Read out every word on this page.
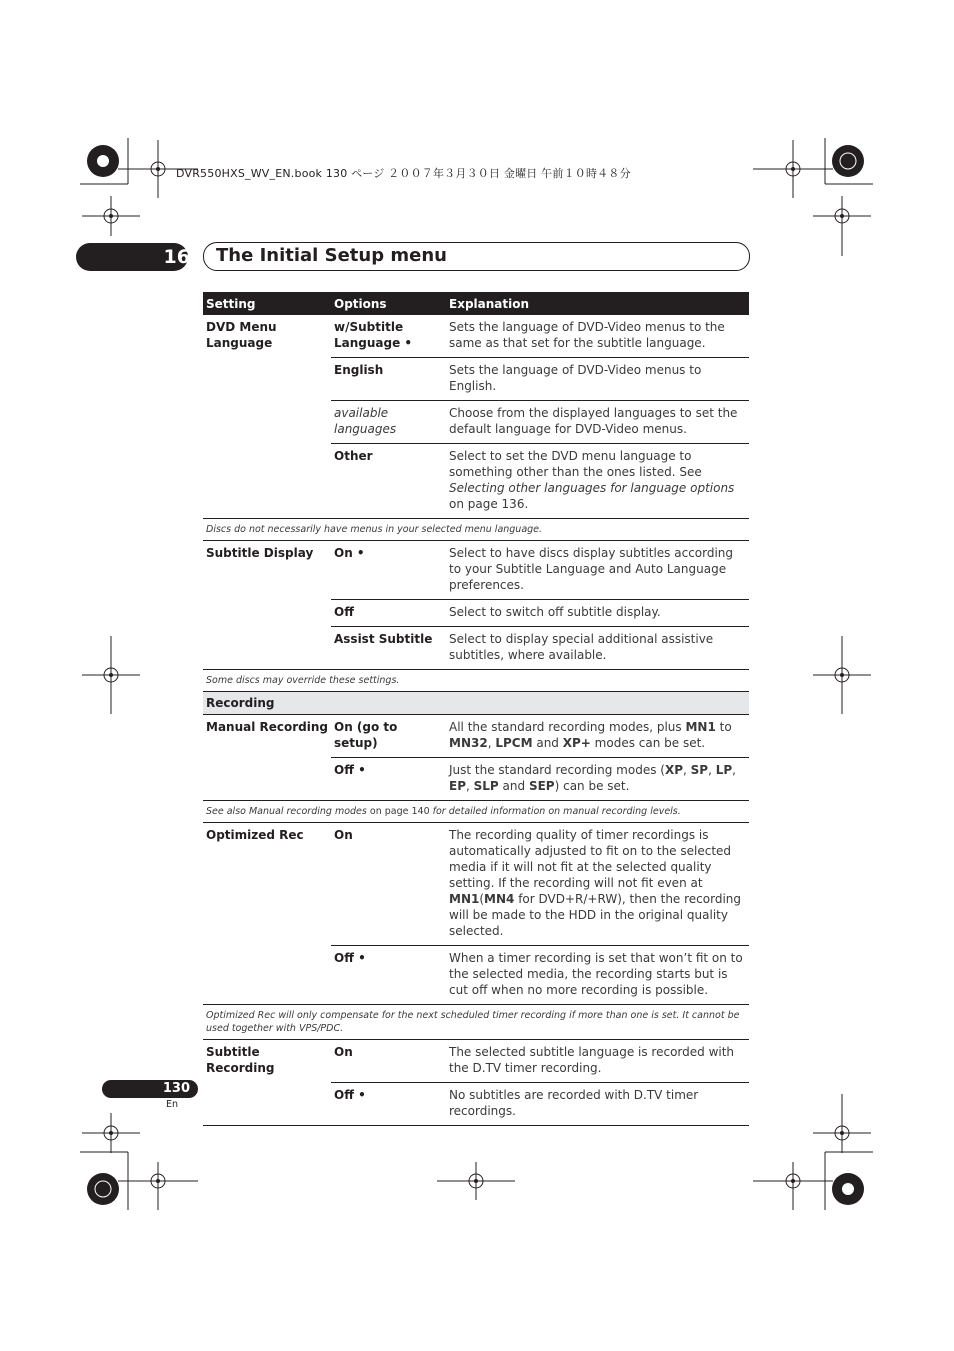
DVR550HXS_WV_EN.book 130 ページ ２００７年３月３０日 金曜日 午前１０時４８分
16 The Initial Setup menu
Setting	Options	Explanation
DVD Menu Language	w/Subtitle Language •	Sets the language of DVD-Video menus to the same as that set for the subtitle language.
	English	Sets the language of DVD-Video menus to English.
	available languages	Choose from the displayed languages to set the default language for DVD-Video menus.
	Other	Select to set the DVD menu language to something other than the ones listed. See Selecting other languages for language options on page 136.
Discs do not necessarily have menus in your selected menu language.		
Subtitle Display	On •	Select to have discs display subtitles according to your Subtitle Language and Auto Language preferences.
	Off	Select to switch off subtitle display.
	Assist Subtitle	Select to display special additional assistive subtitles, where available.
Some discs may override these settings.		
Recording		
Manual Recording	On (go to setup)	All the standard recording modes, plus MN1 to MN32, LPCM and XP+ modes can be set.
	Off •	Just the standard recording modes (XP, SP, LP, EP, SLP and SEP) can be set.
See also Manual recording modes on page 140 for detailed information on manual recording levels.		
Optimized Rec	On	The recording quality of timer recordings is automatically adjusted to fit on to the selected media if it will not fit at the selected quality setting. If the recording will not fit even at MN1(MN4 for DVD+R/+RW), then the recording will be made to the HDD in the original quality selected.
	Off •	When a timer recording is set that won’t fit on to the selected media, the recording starts but is cut off when no more recording is possible.
Optimized Rec will only compensate for the next scheduled timer recording if more than one is set. It cannot be used together with VPS/PDC.		
Subtitle Recording	On	The selected subtitle language is recorded with the D.TV timer recording.
	Off •	No subtitles are recorded with D.TV timer recordings.
130
En
